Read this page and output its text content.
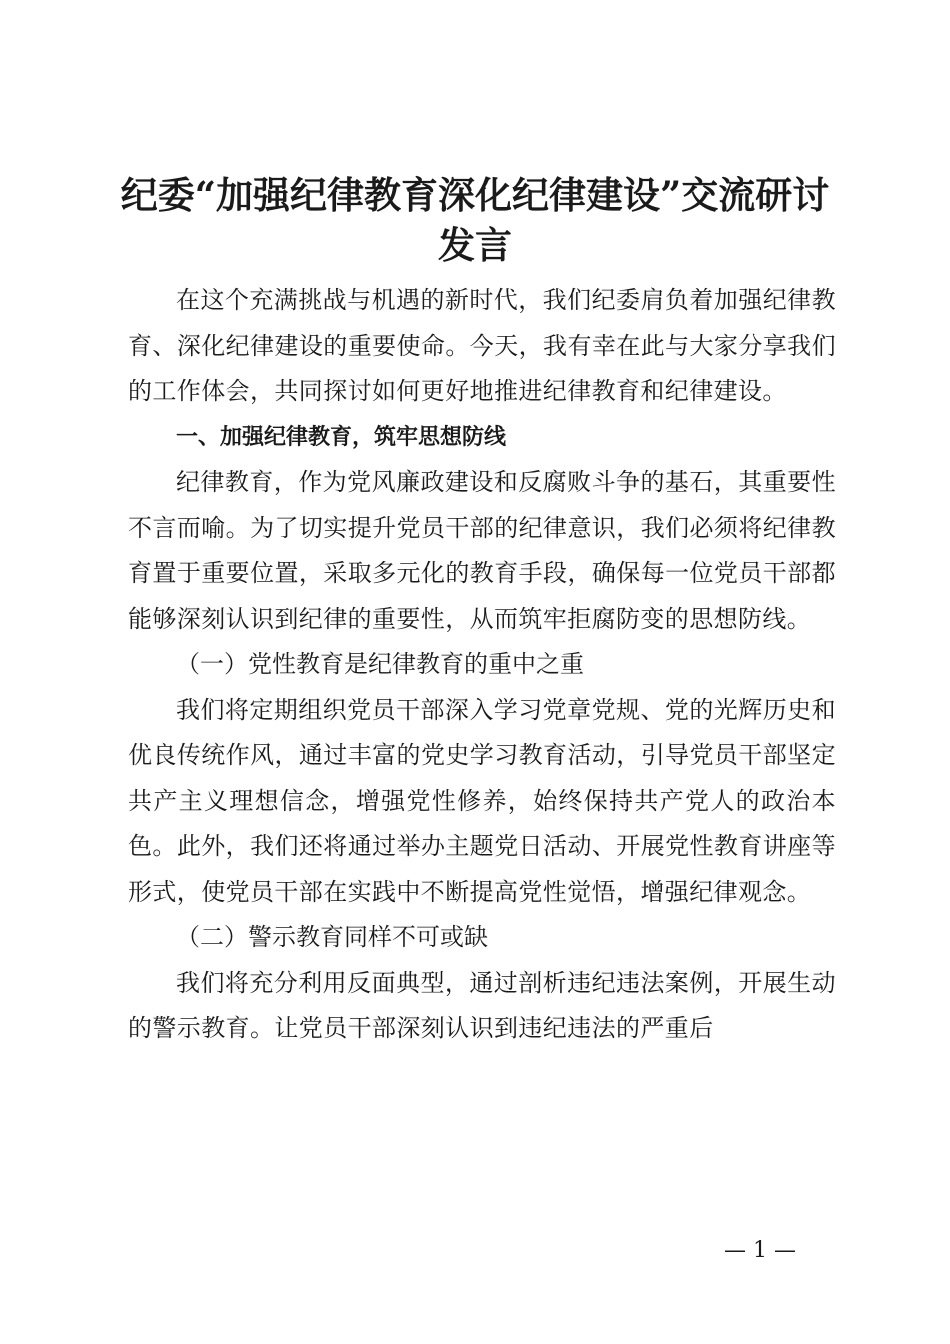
纪委“加强纪律教育深化纪律建设”交流研讨发言

在这个充满挑战与机遇的新时代，我们纪委肩负着加强纪律教育、深化纪律建设的重要使命。今天，我有幸在此与大家分享我们的工作体会，共同探讨如何更好地推进纪律教育和纪律建设。

一、加强纪律教育，筑牢思想防线

纪律教育，作为党风廉政建设和反腐败斗争的基石，其重要性不言而喻。为了切实提升党员干部的纪律意识，我们必须将纪律教育置于重要位置，采取多元化的教育手段，确保每一位党员干部都能够深刻认识到纪律的重要性，从而筑牢拒腐防变的思想防线。

（一）党性教育是纪律教育的重中之重

我们将定期组织党员干部深入学习党章党规、党的光辉历史和优良传统作风，通过丰富的党史学习教育活动，引导党员干部坚定共产主义理想信念，增强党性修养，始终保持共产党人的政治本色。此外，我们还将通过举办主题党日活动、开展党性教育讲座等形式，使党员干部在实践中不断提高党性觉悟，增强纪律观念。

（二）警示教育同样不可或缺

我们将充分利用反面典型，通过剖析违纪违法案例，开展生动的警示教育。让党员干部深刻认识到违纪违法的严重后

— 1 —
